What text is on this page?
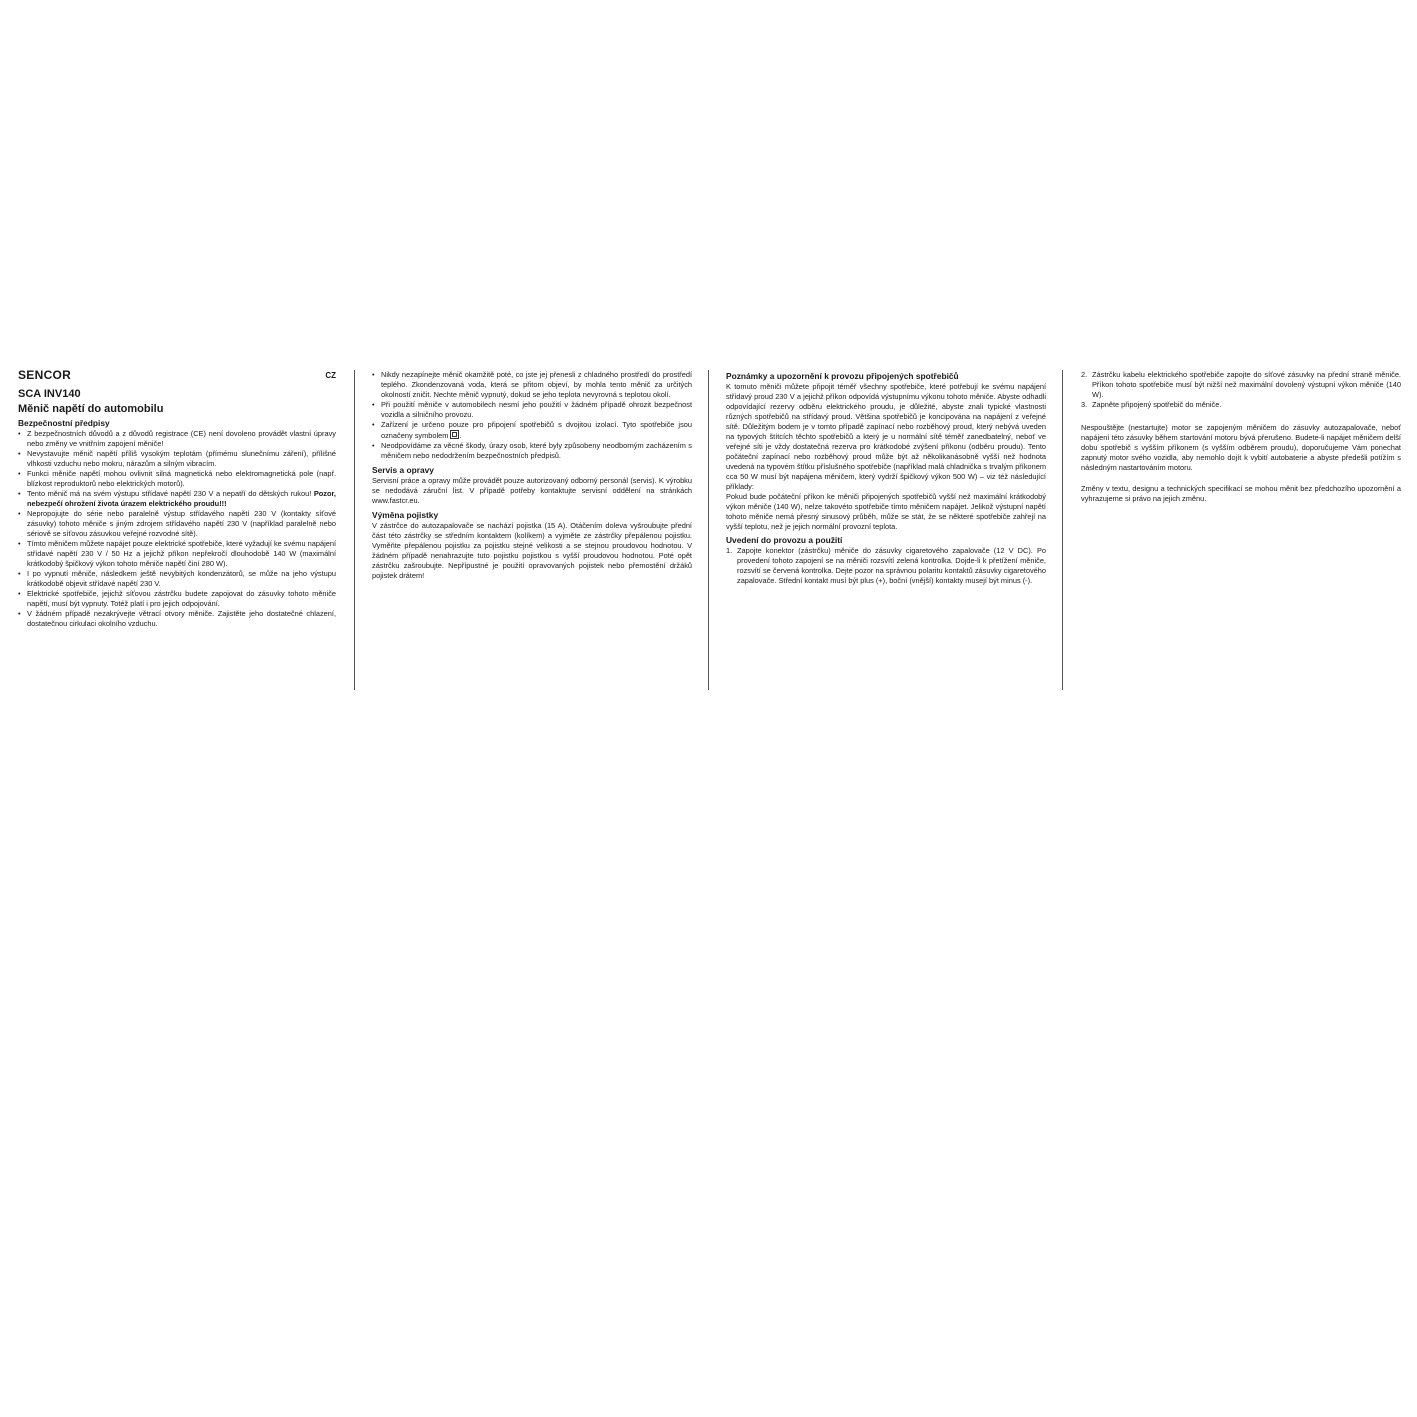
SENCOR	CZ
SCA INV140
Měnič napětí do automobilu
Bezpečnostní předpisy
• Z bezpečnostních důvodů a z důvodů registrace (CE) není dovoleno provádět vlastní úpravy nebo změny ve vnitřním zapojení měniče!
• Nevystavujte měnič napětí příliš vysokým teplotám (přímému slunečnímu záření), přílišné vlhkosti vzduchu nebo mokru, nárazům a silným vibracím.
• Funkci měniče napětí mohou ovlivnit silná magnetická nebo elektromagnetická pole (např. blízkost reproduktorů nebo elektrických motorů).
• Tento měnič má na svém výstupu střídavé napětí 230 V a nepatří do dětských rukou! Pozor, nebezpečí ohrožení života úrazem elektrického proudu!!!
• Nepropojujte do série nebo paralelně výstup střídavého napětí 230 V (kontakty síťové zásuvky) tohoto měniče s jiným zdrojem střídavého napětí 230 V (například paralelně nebo sériově se síťovou zásuvkou veřejné rozvodné sítě).
• Tímto měničem můžete napájet pouze elektrické spotřebiče, které vyžadují ke svému napájení střídavé napětí 230 V / 50 Hz a jejichž příkon nepřekročí dlouhodobě 140 W (maximální krátkodobý špičkový výkon tohoto měniče napětí činí 280 W).
• I po vypnutí měniče, následkem ještě nevybitých kondenzátorů, se může na jeho výstupu krátkodobě objevit střídavé napětí 230 V.
• Elektrické spotřebiče, jejichž síťovou zástrčku budete zapojovat do zásuvky tohoto měniče napětí, musí být vypnuty. Totéž platí i pro jejich odpojování.
• V žádném případě nezakrývejte větrací otvory měniče. Zajistěte jeho dostatečné chlazení, dostatečnou cirkulaci okolního vzduchu.
• Nikdy nezapínejte měnič okamžitě poté, co jste jej přenesli z chladného prostředí do prostředí teplého. Zkondenzovaná voda, která se přitom objeví, by mohla tento měnič za určitých okolností zničit. Nechte měnič vypnutý, dokud se jeho teplota nevyrovná s teplotou okolí.
• Při použití měniče v automobilech nesmí jeho použití v žádném případě ohrozit bezpečnost vozidla a silničního provozu.
• Zařízení je určeno pouze pro připojení spotřebičů s dvojitou izolací. Tyto spotřebiče jsou označeny symbolem .
• Neodpovídáme za věcné škody, úrazy osob, které byly způsobeny neodborným zacházením s měničem nebo nedodržením bezpečnostních předpisů.
Servis a opravy

Servisní práce a opravy může provádět pouze autorizovaný odborný personál (servis). K výrobku se nedodává záruční list. V případě potřeby kontaktujte servisní oddělení na stránkách www.fastcr.eu.

Výměna pojistky

V zástrčce do autozapalovače se nachází pojistka (15 A). Otáčením doleva vyšroubujte přední část této zástrčky se středním kontaktem (kolíkem) a vyjměte ze zástrčky přepálenou pojistku. Vyměňte přepálenou pojistku za pojistku stejné velikosti a se stejnou proudovou hodnotou. V žádném případě nenahrazujte tuto pojistku pojistkou s vyšší proudovou hodnotou. Poté opět zástrčku zašroubujte. Nepřípustné je použití opravovaných pojistek nebo přemostění držáků pojistek drátem!

Poznámky a upozornění k provozu připojených spotřebičů

K tomuto měniči můžete připojit téměř všechny spotřebiče, které potřebují ke svému napájení střídavý proud 230 V a jejichž příkon odpovídá výstupnímu výkonu tohoto měniče. Abyste odhadli odpovídající rezervy odběru elektrického proudu, je důležité, abyste znali typické vlastnosti různých spotřebičů na střídavý proud. Většina spotřebičů je koncipována na napájení z veřejné sítě. Důležitým bodem je v tomto případě zapínací nebo rozběhový proud, který nebývá uveden na typových štítcích těchto spotřebičů a který je u normální sítě téměř zanedbatelný, neboť ve veřejné síti je vždy dostatečná rezerva pro krátkodobé zvýšení příkonu (odběru proudu). Tento počáteční zapínací nebo rozběhový proud může být až několikanásobně vyšší než hodnota uvedená na typovém štítku příslušného spotřebiče (například malá chladnička s trvalým příkonem cca 50 W musí být napájena měničem, který vydrží špičkový výkon 500 W) – viz též následující příklady:

Pokud bude počáteční příkon ke měniči připojených spotřebičů vyšší než maximální krátkodobý výkon měniče (140 W), nelze takovéto spotřebiče tímto měničem napájet. Jelikož výstupní napětí tohoto měniče nemá přesný sinusový průběh, může se stát, že se některé spotřebiče zahřejí na vyšší teplotu, než je jejich normální provozní teplota.

Uvedení do provozu a použití
1. Zapojte konektor (zástrčku) měniče do zásuvky cigaretového zapalovače (12 V DC). Po provedení tohoto zapojení se na měniči rozsvítí zelená kontrolka. Dojde-li k přetížení měniče, rozsvítí se červená kontrolka. Dejte pozor na správnou polaritu kontaktů zásuvky cigaretového zapalovače. Střední kontakt musí být plus (+), boční (vnější) kontakty musejí být minus (-).
2. Zástrčku kabelu elektrického spotřebiče zapojte do síťové zásuvky na přední straně měniče. Příkon tohoto spotřebiče musí být nižší než maximální dovolený výstupní výkon měniče (140 W).
3. Zapněte připojený spotřebič do měniče.

Nespouštějte (nestartujte) motor se zapojeným měničem do zásuvky autozapalovače, neboť napájení této zásuvky během startování motoru bývá přerušeno. Budete-li napájet měničem delší dobu spotřebič s vyšším příkonem (s vyšším odběrem proudu), doporučujeme Vám ponechat zapnutý motor svého vozidla, aby nemohlo dojít k vybití autobaterie a abyste předešli potížím s následným nastartováním motoru.

Změny v textu, designu a technických specifikací se mohou měnit bez předchozího upozornění a vyhrazujeme si právo na jejich změnu.
